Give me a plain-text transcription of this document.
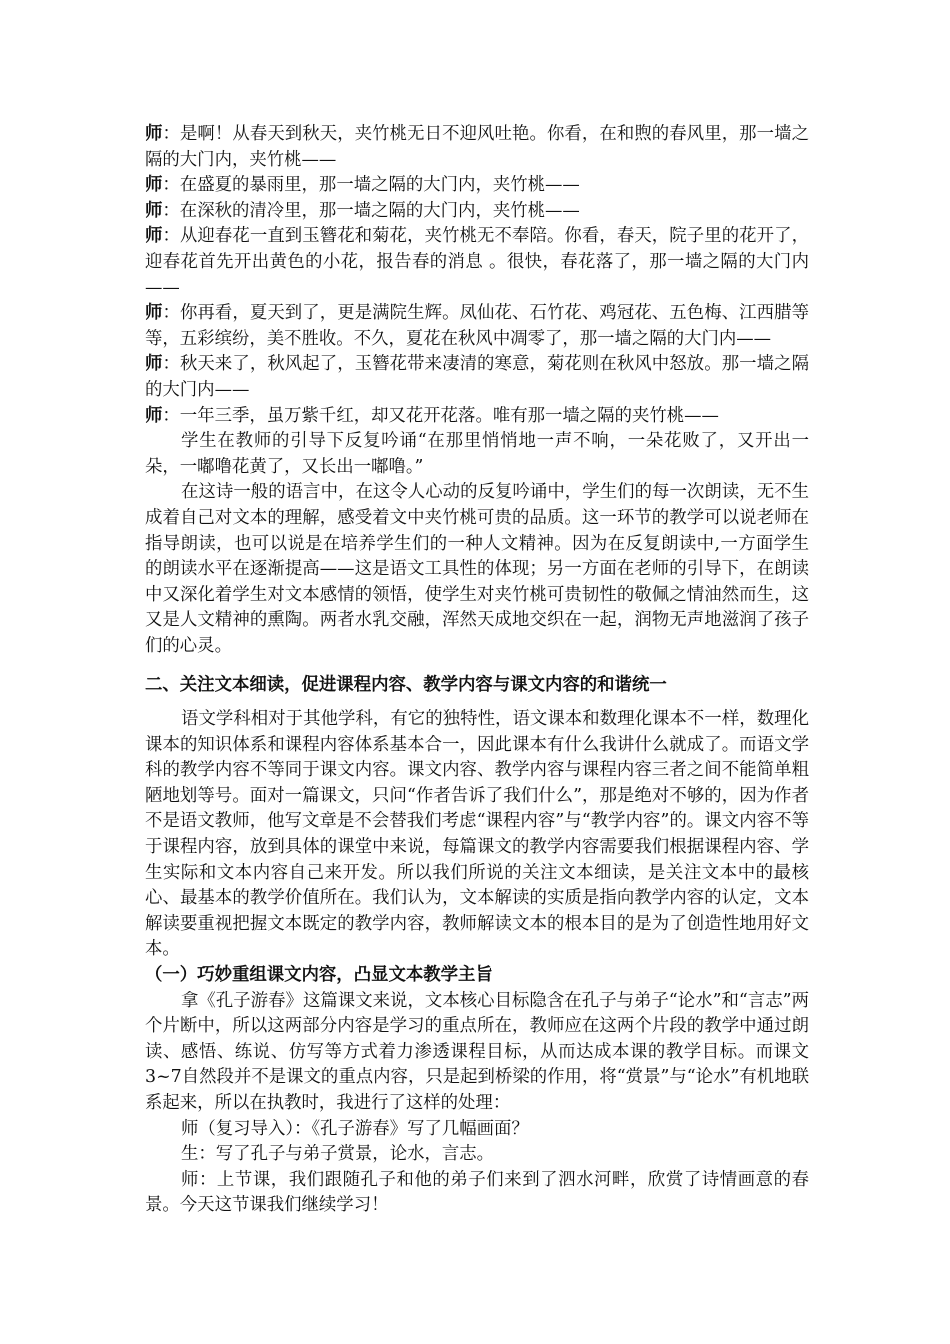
师：是啊！从春天到秋天，夹竹桃无日不迎风吐艳。你看，在和煦的春风里，那一墙之隔的大门内，夹竹桃——

师：在盛夏的暴雨里，那一墙之隔的大门内，夹竹桃——

师：在深秋的清冷里，那一墙之隔的大门内，夹竹桃——

师：从迎春花一直到玉簪花和菊花，夹竹桃无不奉陪。你看，春天，院子里的花开了，迎春花首先开出黄色的小花，报告春的消息 。很快，春花落了，那一墙之隔的大门内——

师：你再看，夏天到了，更是满院生辉。凤仙花、石竹花、鸡冠花、五色梅、江西腊等等，五彩缤纷，美不胜收。不久，夏花在秋风中凋零了，那一墙之隔的大门内——

师：秋天来了，秋风起了，玉簪花带来凄清的寒意，菊花则在秋风中怒放。那一墙之隔的大门内——

师：一年三季，虽万紫千红，却又花开花落。唯有那一墙之隔的夹竹桃——

学生在教师的引导下反复吟诵“在那里悄悄地一声不响，一朵花败了，又开出一朵，一嘟噜花黄了，又长出一嘟噜。”

在这诗一般的语言中，在这令人心动的反复吟诵中，学生们的每一次朗读，无不生成着自己对文本的理解，感受着文中夹竹桃可贵的品质。这一环节的教学可以说老师在指导朗读，也可以说是在培养学生们的一种人文精神。因为在反复朗读中,一方面学生的朗读水平在逐渐提高——这是语文工具性的体现；另一方面在老师的引导下，在朗读中又深化着学生对文本感情的领悟，使学生对夹竹桃可贵韧性的敬佩之情油然而生，这又是人文精神的熏陶。两者水乳交融，浑然天成地交织在一起，润物无声地滋润了孩子们的心灵。

二、关注文本细读，促进课程内容、教学内容与课文内容的和谐统一

语文学科相对于其他学科，有它的独特性，语文课本和数理化课本不一样，数理化课本的知识体系和课程内容体系基本合一，因此课本有什么我讲什么就成了。而语文学科的教学内容不等同于课文内容。课文内容、教学内容与课程内容三者之间不能简单粗陋地划等号。面对一篇课文，只问“作者告诉了我们什么”，那是绝对不够的，因为作者不是语文教师，他写文章是不会替我们考虑“课程内容”与“教学内容”的。课文内容不等于课程内容，放到具体的课堂中来说，每篇课文的教学内容需要我们根据课程内容、学生实际和文本内容自己来开发。所以我们所说的关注文本细读，是关注文本中的最核心、最基本的教学价值所在。我们认为，文本解读的实质是指向教学内容的认定，文本解读要重视把握文本既定的教学内容，教师解读文本的根本目的是为了创造性地用好文本。

（一）巧妙重组课文内容，凸显文本教学主旨

拿《孔子游春》这篇课文来说，文本核心目标隐含在孔子与弟子“论水”和“言志”两个片断中，所以这两部分内容是学习的重点所在，教师应在这两个片段的教学中通过朗读、感悟、练说、仿写等方式着力渗透课程目标，从而达成本课的教学目标。而课文3~7自然段并不是课文的重点内容，只是起到桥梁的作用，将“赏景”与“论水”有机地联系起来，所以在执教时，我进行了这样的处理：

师（复习导入）：《孔子游春》写了几幅画面？

生：写了孔子与弟子赏景，论水，言志。

师：上节课，我们跟随孔子和他的弟子们来到了泗水河畔，欣赏了诗情画意的春景。今天这节课我们继续学习！
